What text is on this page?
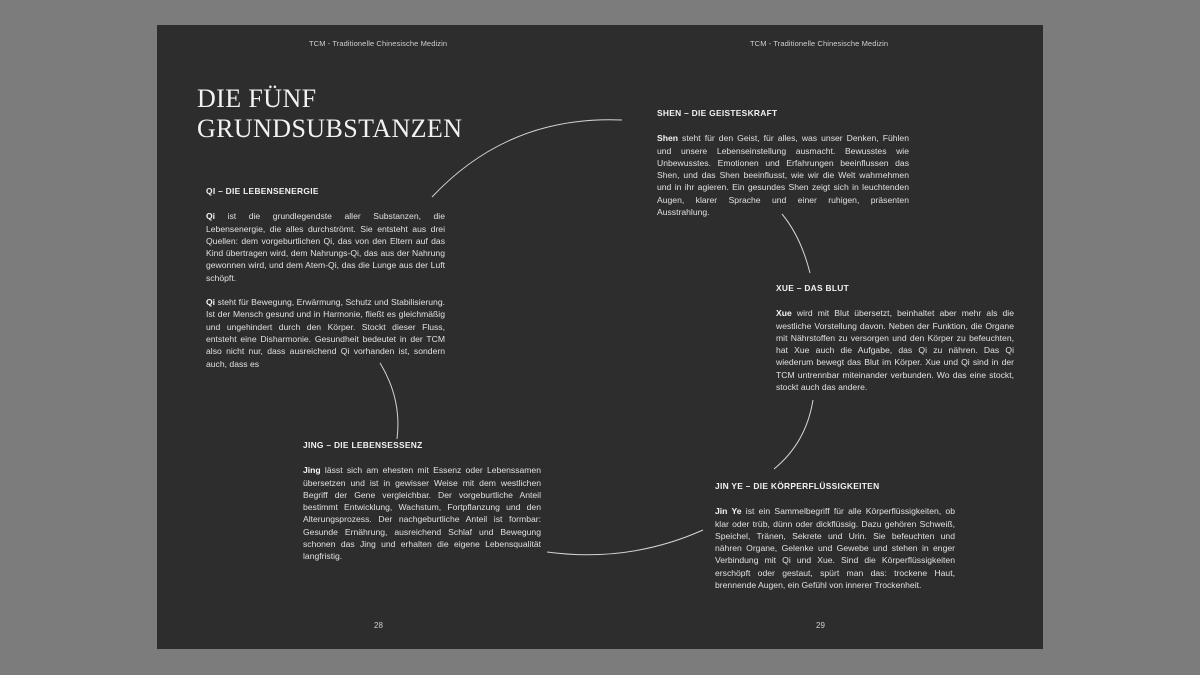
TCM - Traditionelle Chinesische Medizin
DIE FÜNF
GRUNDSUBSTANZEN
QI – DIE LEBENSENERGIE

Qi ist die grundlegendste aller Substanzen, die Lebensenergie, die alles durchströmt. Sie entsteht aus drei Quellen: dem vorgeburtlichen Qi, das von den Eltern auf das Kind übertragen wird, dem Nahrungs-Qi, das aus der Nahrung gewonnen wird, und dem Atem-Qi, das die Lunge aus der Luft schöpft.

Qi steht für Bewegung, Erwärmung, Schutz und Stabilisierung. Ist der Mensch gesund und in Harmonie, fließt es gleichmäßig und ungehindert durch den Körper. Stockt dieser Fluss, entsteht eine Disharmonie. Gesundheit bedeutet in der TCM also nicht nur, dass ausreichend Qi vorhanden ist, sondern auch, dass es

JING – DIE LEBENSESSENZ

Jing lässt sich am ehesten mit Essenz oder Lebenssamen übersetzen und ist in gewisser Weise mit dem westlichen Begriff der Gene vergleichbar. Der vorgeburtliche Anteil bestimmt Entwicklung, Wachstum, Fortpflanzung und den Alterungsprozess. Der nachgeburtliche Anteil ist formbar: Gesunde Ernährung, ausreichend Schlaf und Bewegung schonen das Jing und erhalten die eigene Lebensqualität langfristig.

28
TCM - Traditionelle Chinesische Medizin
SHEN – DIE GEISTESKRAFT

Shen steht für den Geist, für alles, was unser Denken, Fühlen und unsere Lebenseinstellung ausmacht. Bewusstes wie Unbewusstes. Emotionen und Erfahrungen beeinflussen das Shen, und das Shen beeinflusst, wie wir die Welt wahrnehmen und in ihr agieren. Ein gesundes Shen zeigt sich in leuchtenden Augen, klarer Sprache und einer ruhigen, präsenten Ausstrahlung.

XUE – DAS BLUT

Xue wird mit Blut übersetzt, beinhaltet aber mehr als die westliche Vorstellung davon. Neben der Funktion, die Organe mit Nährstoffen zu versorgen und den Körper zu befeuchten, hat Xue auch die Aufgabe, das Qi zu nähren. Das Qi wiederum bewegt das Blut im Körper. Xue und Qi sind in der TCM untrennbar miteinander verbunden. Wo das eine stockt, stockt auch das andere.

JIN YE – DIE KÖRPERFLÜSSIGKEITEN

Jin Ye ist ein Sammelbegriff für alle Körperflüssigkeiten, ob klar oder trüb, dünn oder dickflüssig. Dazu gehören Schweiß, Speichel, Tränen, Sekrete und Urin. Sie befeuchten und nähren Organe, Gelenke und Gewebe und stehen in enger Verbindung mit Qi und Xue. Sind die Körperflüssigkeiten erschöpft oder gestaut, spürt man das: trockene Haut, brennende Augen, ein Gefühl von innerer Trockenheit.

29
